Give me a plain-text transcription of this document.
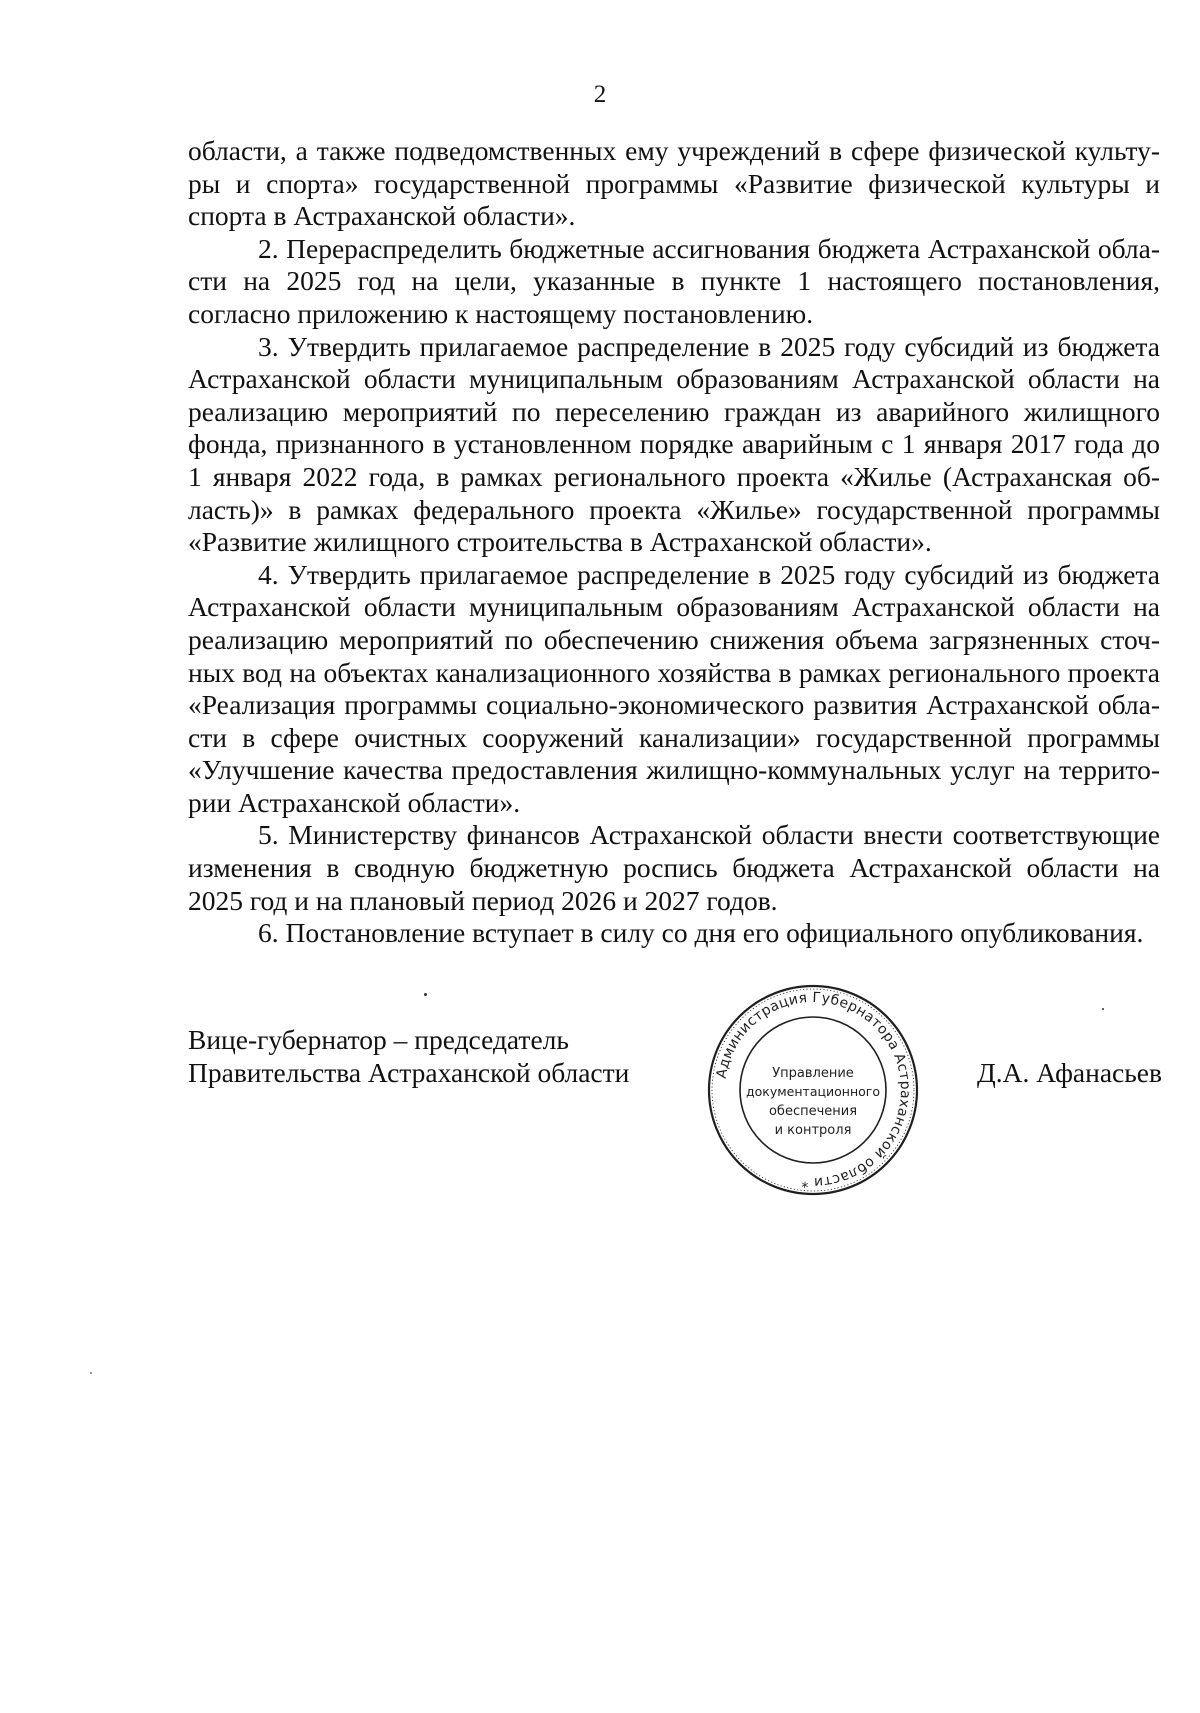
2

области, а также подведомственных ему учреждений в сфере физической культу-ры и спорта» государственной программы «Развитие физической культуры и спорта в Астраханской области».

2. Перераспределить бюджетные ассигнования бюджета Астраханской обла-сти на 2025 год на цели, указанные в пункте 1 настоящего постановления, согласно приложению к настоящему постановлению.

3. Утвердить прилагаемое распределение в 2025 году субсидий из бюджета Астраханской области муниципальным образованиям Астраханской области на реализацию мероприятий по переселению граждан из аварийного жилищного фонда, признанного в установленном порядке аварийным с 1 января 2017 года до 1 января 2022 года, в рамках регионального проекта «Жилье (Астраханская об-ласть)» в рамках федерального проекта «Жилье» государственной программы «Развитие жилищного строительства в Астраханской области».

4. Утвердить прилагаемое распределение в 2025 году субсидий из бюджета Астраханской области муниципальным образованиям Астраханской области на реализацию мероприятий по обеспечению снижения объема загрязненных сточ-ных вод на объектах канализационного хозяйства в рамках регионального проекта «Реализация программы социально-экономического развития Астраханской обла-сти в сфере очистных сооружений канализации» государственной программы «Улучшение качества предоставления жилищно-коммунальных услуг на террито-рии Астраханской области».

5. Министерству финансов Астраханской области внести соответствующие изменения в сводную бюджетную роспись бюджета Астраханской области на 2025 год и на плановый период 2026 и 2027 годов.

6. Постановление вступает в силу со дня его официального опубликования.

Вице-губернатор – председатель
Правительства Астраханской области	Администрация Губернатора Астраханской области *
Управление
документационного
обеспечения
и контроля
Д.А. Афанасьев
